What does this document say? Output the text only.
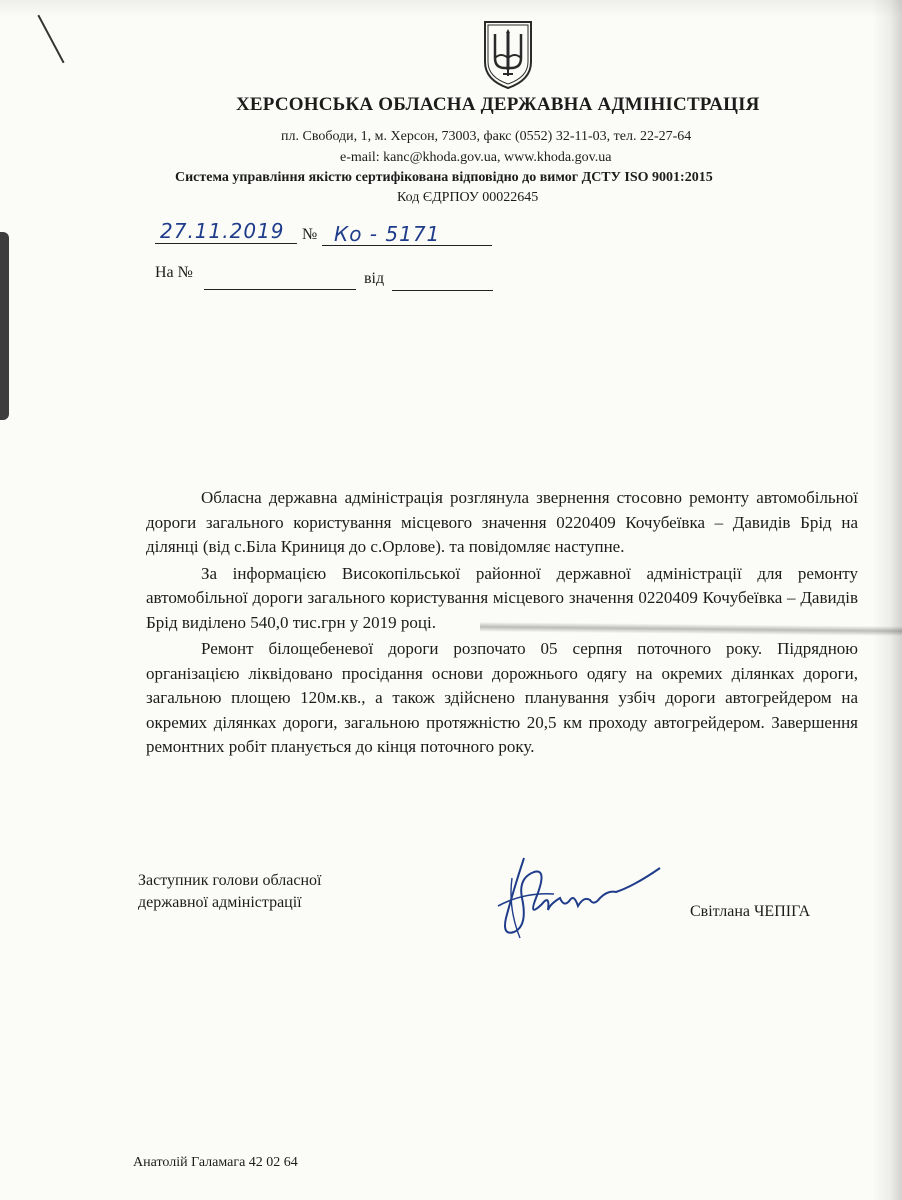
ХЕРСОНСЬКА ОБЛАСНА ДЕРЖАВНА АДМІНІСТРАЦІЯ
пл. Свободи, 1, м. Херсон, 73003, факс (0552) 32-11-03, тел. 22-27-64
e-mail: kanc@khoda.gov.ua, www.khoda.gov.ua
Система управління якістю сертифікована відповідно до вимог ДСТУ ISO 9001:2015
Код ЄДРПОУ 00022645
27.11.2019 № Ко - 5171
На №	від

Обласна державна адміністрація розглянула звернення стосовно ремонту автомобільної дороги загального користування місцевого значення 0220409 Кочубеївка – Давидів Брід на ділянці (від с.Біла Криниця до с.Орлове). та повідомляє наступне.

За інформацією Високопільської районної державної адміністрації для ремонту автомобільної дороги загального користування місцевого значення 0220409 Кочубеївка – Давидів Брід виділено 540,0 тис.грн у 2019 році.

Ремонт білощебеневої дороги розпочато 05 серпня поточного року. Підрядною організацією ліквідовано просідання основи дорожнього одягу на окремих ділянках дороги, загальною площею 120м.кв., а також здійснено планування узбіч дороги автогрейдером на окремих ділянках дороги, загальною протяжністю 20,5 км проходу автогрейдером. Завершення ремонтних робіт планується до кінця поточного року.

Заступник голови обласної
державної адміністрації
Світлана ЧЕПІГА
Анатолій Галамага 42 02 64
